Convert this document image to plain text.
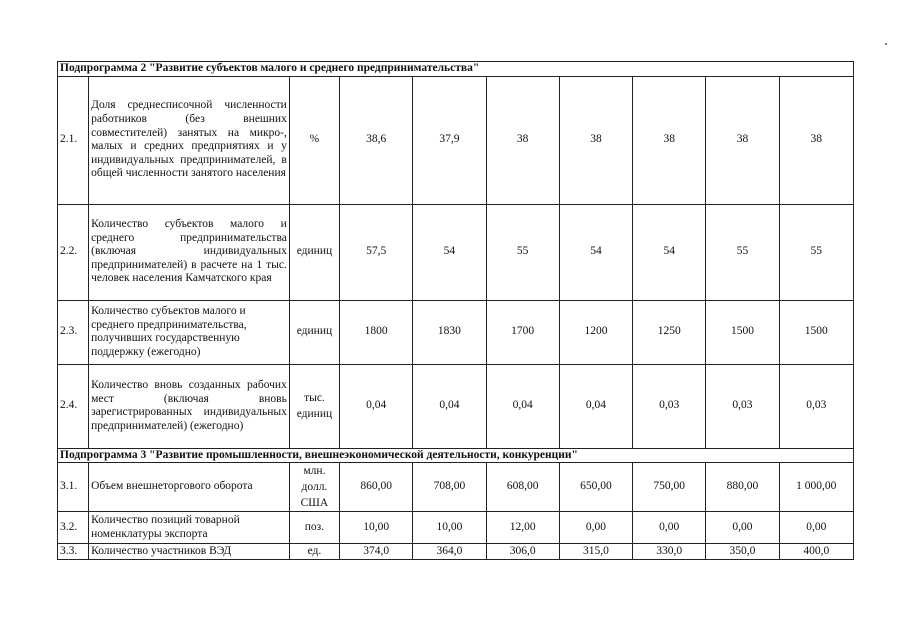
Подпрограмма 2 "Развитие субъектов малого и среднего предпринимательства"									
2.1.	Доля среднесписочной численности работников (без внешних совместителей) занятых на микро-, малых и средних предприятиях и у индивидуальных предпринимателей, в общей численности занятого населения	%	38,6	37,9	38	38	38	38	38
2.2.	Количество субъектов малого и среднего предпринимательства (включая индивидуальных предпринимателей) в расчете на 1 тыс. человек населения Камчатского края	единиц	57,5	54	55	54	54	55	55
2.3.	Количество субъектов малого и среднего предпринимательства, получивших государственную поддержку (ежегодно)	единиц	1800	1830	1700	1200	1250	1500	1500
2.4.	Количество вновь созданных рабочих мест (включая вновь зарегистрированных индивидуальных предпринимателей) (ежегодно)	тыс. единиц	0,04	0,04	0,04	0,04	0,03	0,03	0,03
Подпрограмма 3 "Развитие промышленности, внешнеэкономической деятельности, конкуренции"									
3.1.	Объем внешнеторгового оборота	млн. долл. США	860,00	708,00	608,00	650,00	750,00	880,00	1 000,00
3.2.	Количество позиций товарной номенклатуры экспорта	поз.	10,00	10,00	12,00	0,00	0,00	0,00	0,00
3.3.	Количество участников ВЭД	ед.	374,0	364,0	306,0	315,0	330,0	350,0	400,0
